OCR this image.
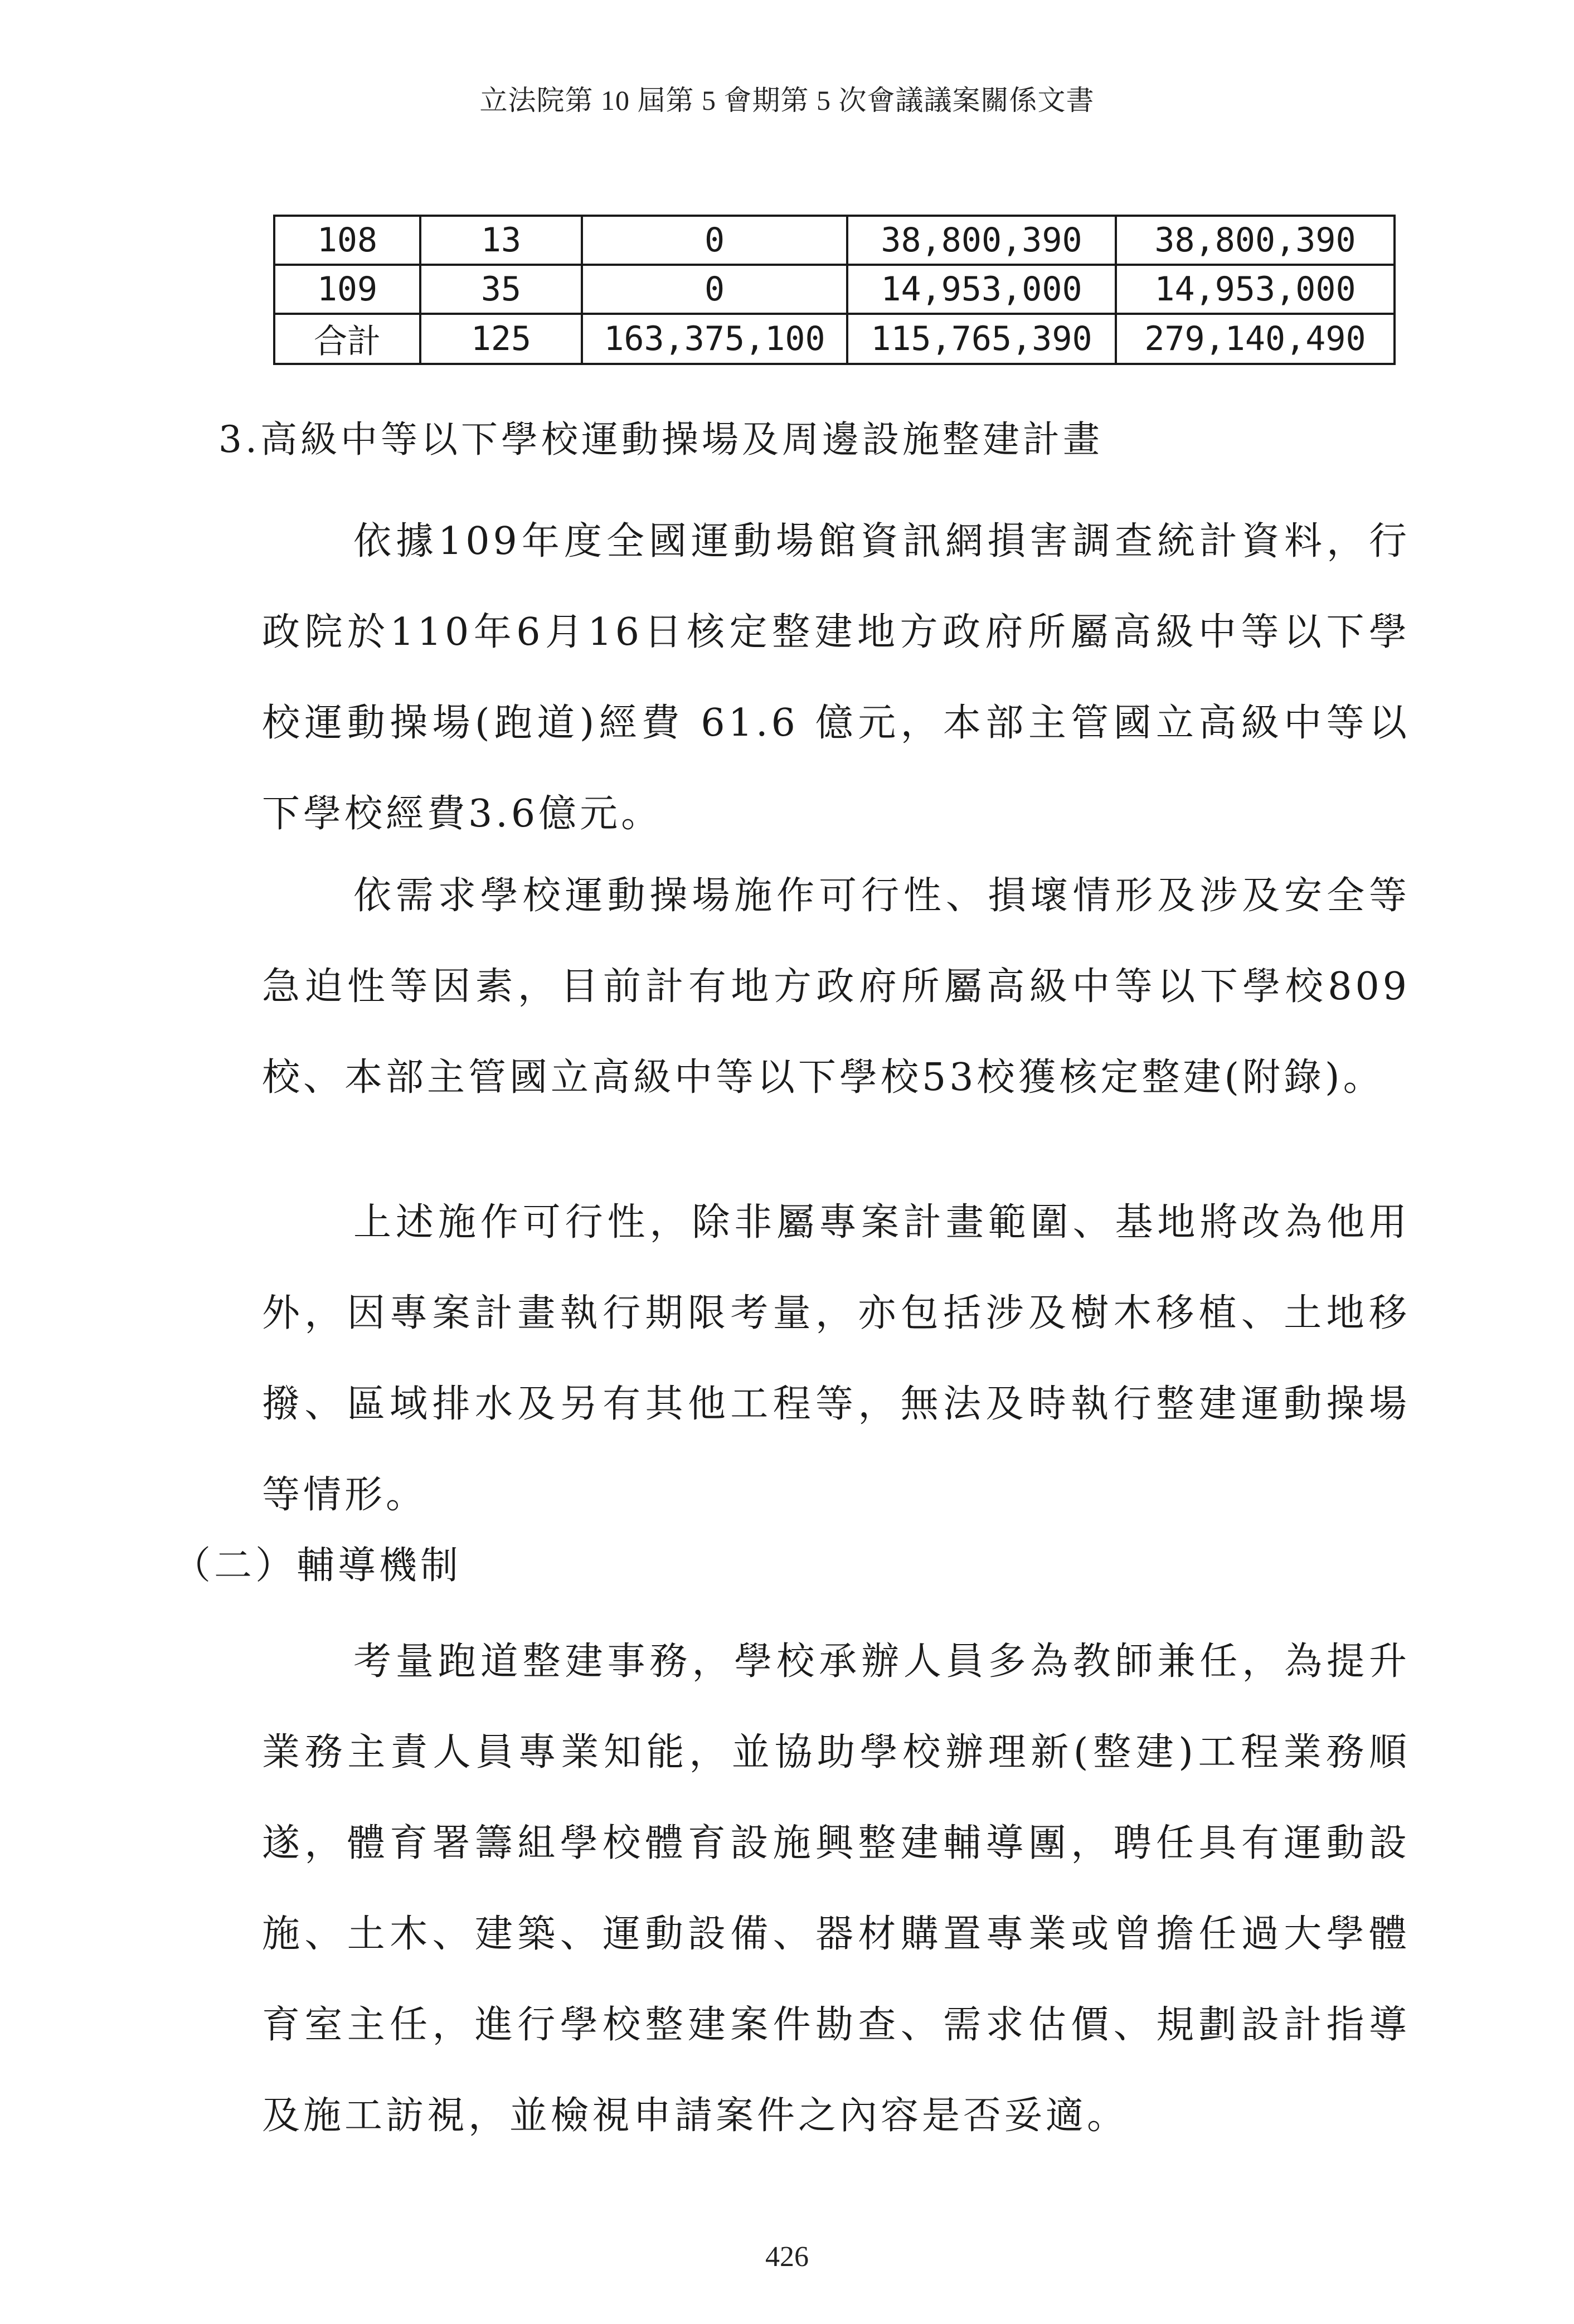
立法院第 10 屆第 5 會期第 5 次會議議案關係文書
108	13	0	38,800,390	38,800,390
109	35	0	14,953,000	14,953,000
合計	125	163,375,100	115,765,390	279,140,490
3.高級中等以下學校運動操場及周邊設施整建計畫

依據109年度全國運動場館資訊網損害調查統計資料，行政院於110年6月16日核定整建地方政府所屬高級中等以下學校運動操場(跑道)經費 61.6 億元，本部主管國立高級中等以下學校經費3.6億元。

依需求學校運動操場施作可行性、損壞情形及涉及安全等急迫性等因素，目前計有地方政府所屬高級中等以下學校809校、本部主管國立高級中等以下學校53校獲核定整建(附錄)。

上述施作可行性，除非屬專案計畫範圍、基地將改為他用外，因專案計畫執行期限考量，亦包括涉及樹木移植、土地移撥、區域排水及另有其他工程等，無法及時執行整建運動操場等情形。

（二）輔導機制

考量跑道整建事務，學校承辦人員多為教師兼任，為提升業務主責人員專業知能，並協助學校辦理新(整建)工程業務順遂，體育署籌組學校體育設施興整建輔導團，聘任具有運動設施、土木、建築、運動設備、器材購置專業或曾擔任過大學體育室主任，進行學校整建案件勘查、需求估價、規劃設計指導及施工訪視，並檢視申請案件之內容是否妥適。

426
